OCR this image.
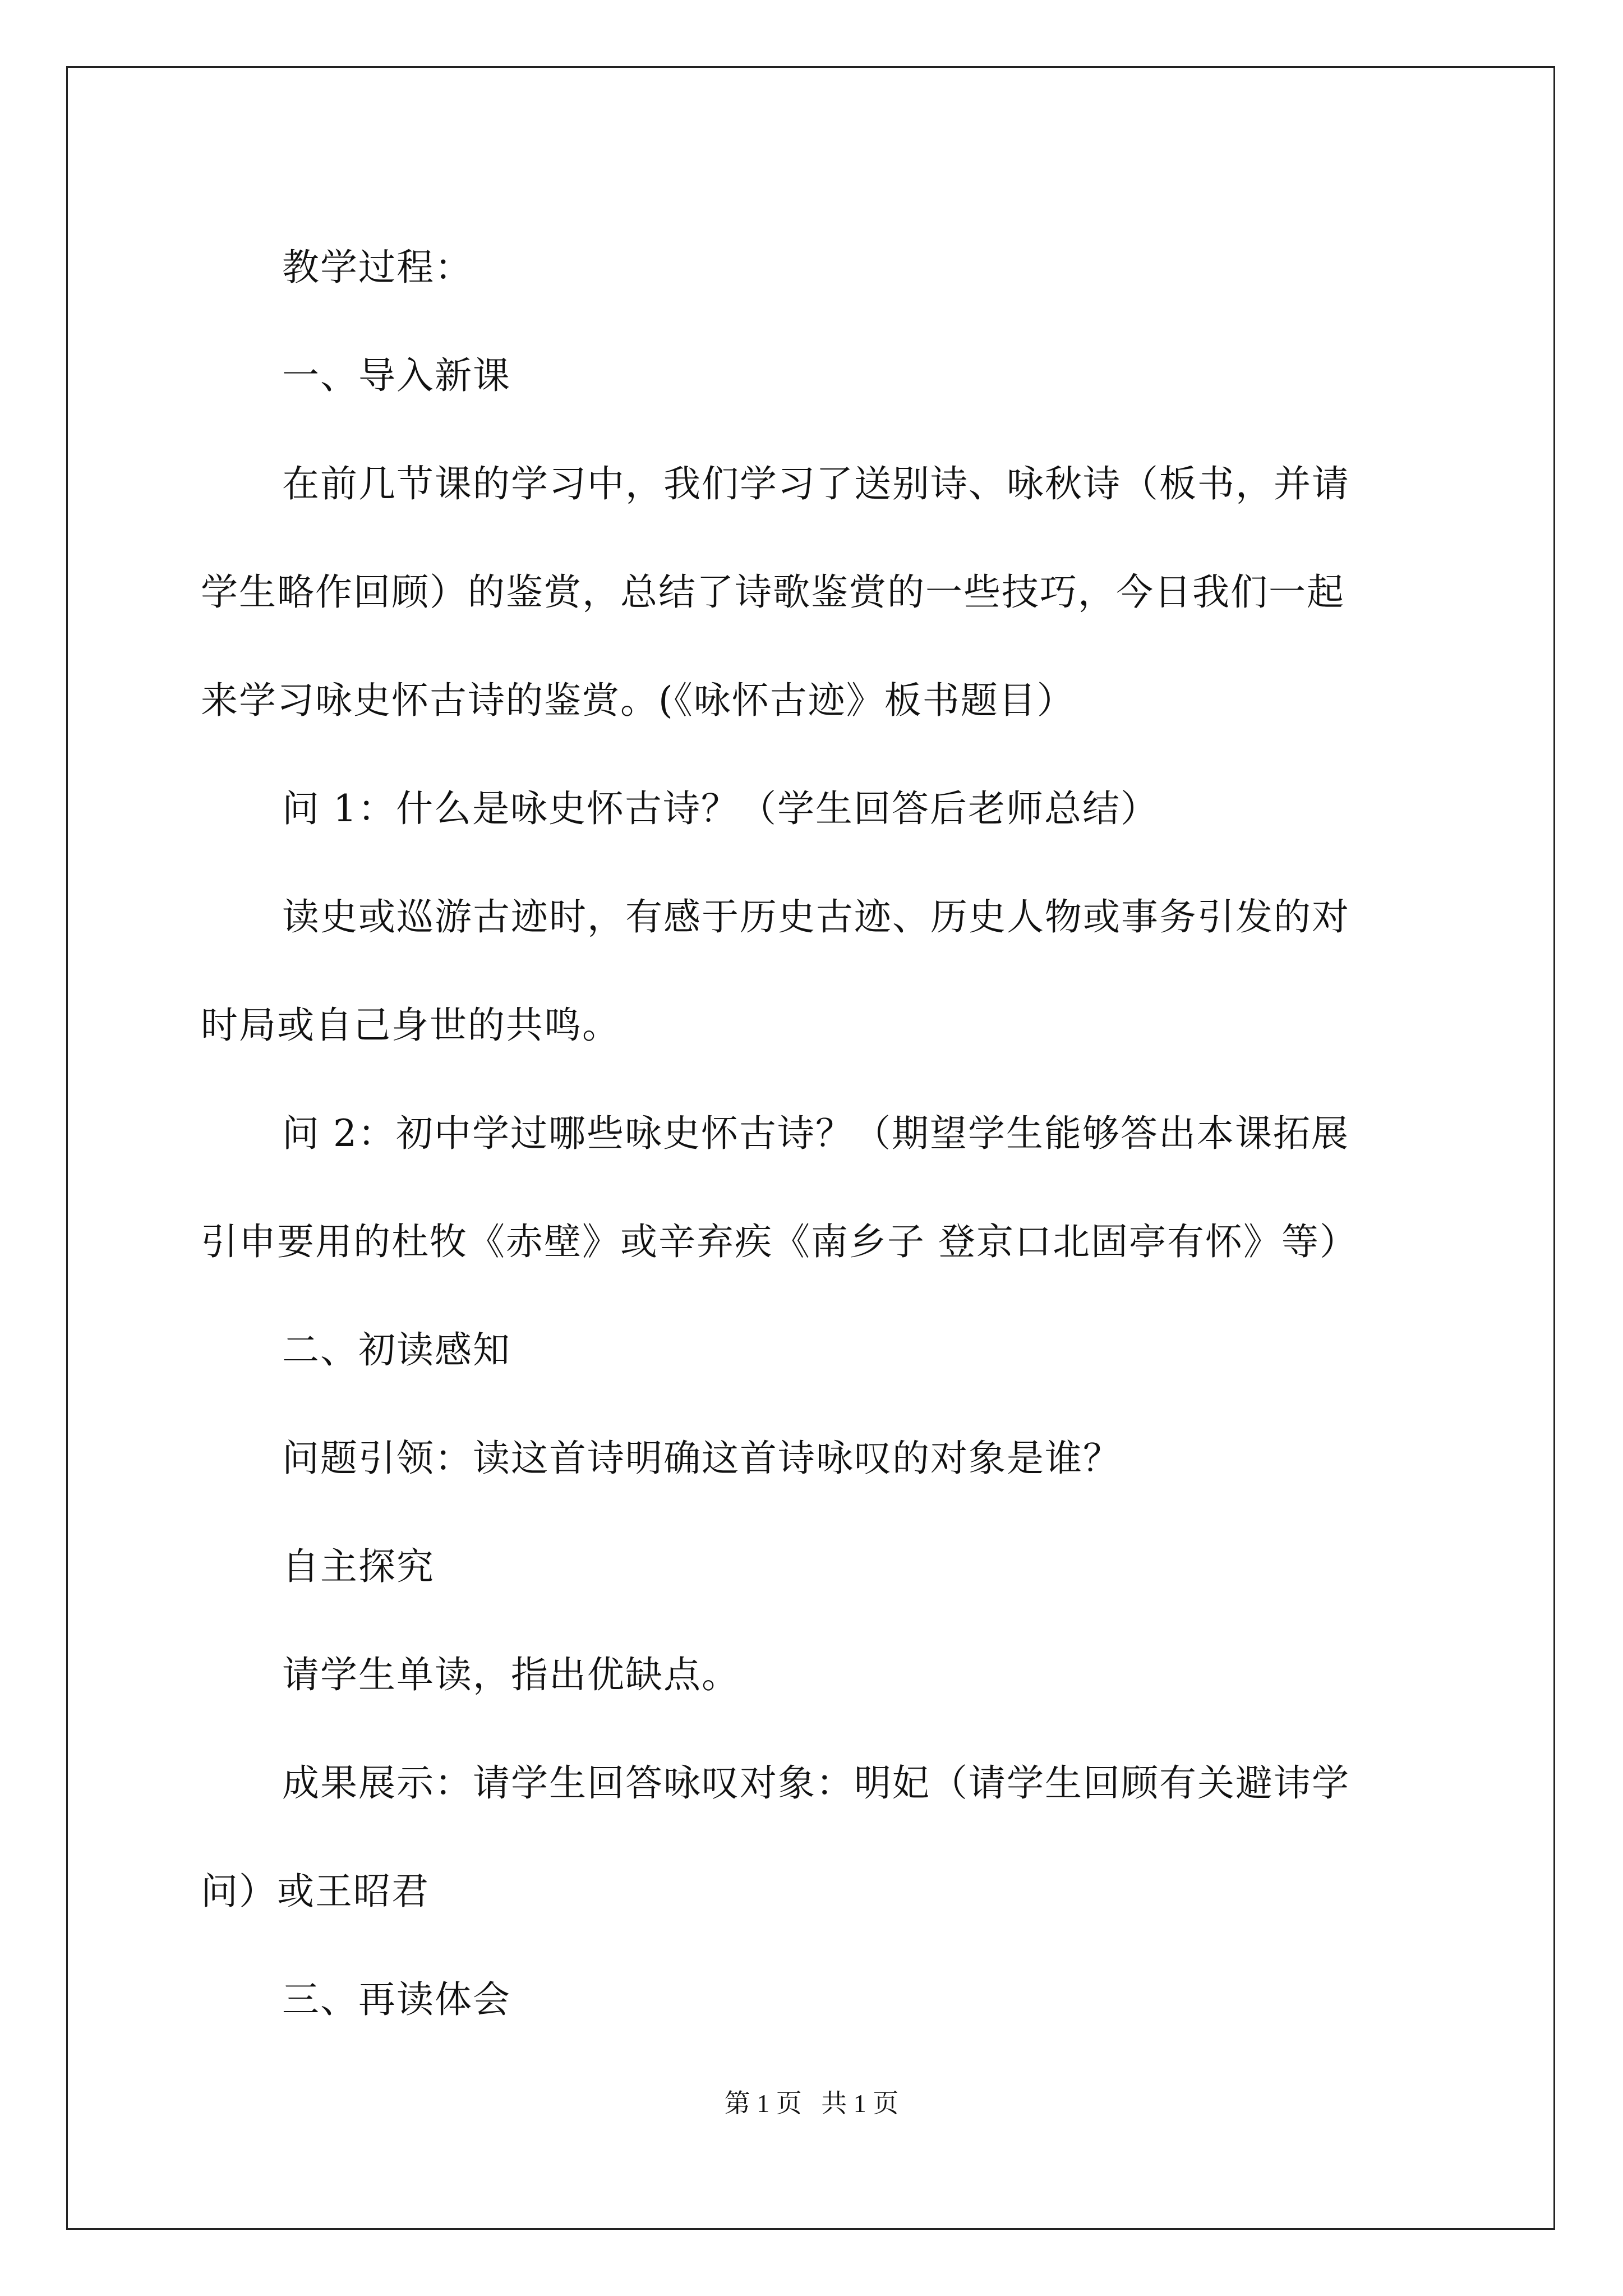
教学过程：

一、导入新课

在前几节课的学习中，我们学习了送别诗、咏秋诗（板书，并请

学生略作回顾）的鉴赏，总结了诗歌鉴赏的一些技巧，今日我们一起

来学习咏史怀古诗的鉴赏。(《咏怀古迹》板书题目）

问 1：什么是咏史怀古诗？（学生回答后老师总结）

读史或巡游古迹时，有感于历史古迹、历史人物或事务引发的对

时局或自己身世的共鸣。

问 2：初中学过哪些咏史怀古诗？（期望学生能够答出本课拓展

引申要用的杜牧《赤壁》或辛弃疾《南乡子 登京口北固亭有怀》等）

二、初读感知

问题引领：读这首诗明确这首诗咏叹的对象是谁？

自主探究

请学生单读，指出优缺点。

成果展示：请学生回答咏叹对象：明妃（请学生回顾有关避讳学

问）或王昭君

三、再读体会

第 1 页 共 1 页
